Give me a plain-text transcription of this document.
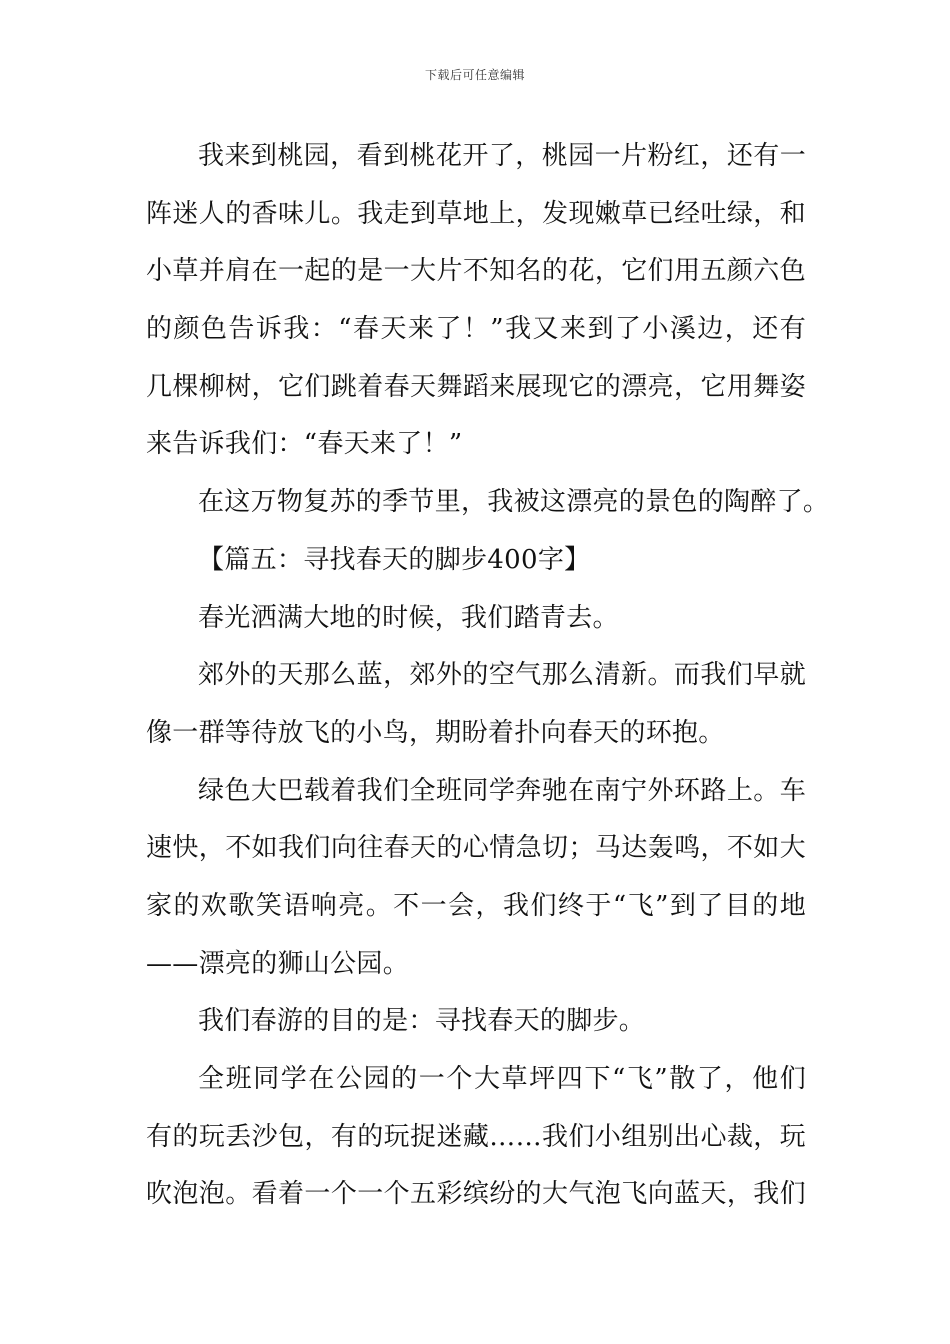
下载后可任意编辑
我来到桃园，看到桃花开了，桃园一片粉红，还有一
阵迷人的香味儿。我走到草地上，发现嫩草已经吐绿，和
小草并肩在一起的是一大片不知名的花，它们用五颜六色
的颜色告诉我：“春天来了！”我又来到了小溪边，还有
几棵柳树，它们跳着春天舞蹈来展现它的漂亮，它用舞姿
来告诉我们：“春天来了！”
在这万物复苏的季节里，我被这漂亮的景色的陶醉了。
【篇五：寻找春天的脚步400字】
春光洒满大地的时候，我们踏青去。
郊外的天那么蓝，郊外的空气那么清新。而我们早就
像一群等待放飞的小鸟，期盼着扑向春天的环抱。
绿色大巴载着我们全班同学奔驰在南宁外环路上。车
速快，不如我们向往春天的心情急切；马达轰鸣，不如大
家的欢歌笑语响亮。不一会，我们终于“飞”到了目的地
——漂亮的狮山公园。
我们春游的目的是：寻找春天的脚步。
全班同学在公园的一个大草坪四下“飞”散了，他们
有的玩丢沙包，有的玩捉迷藏……我们小组别出心裁，玩
吹泡泡。看着一个一个五彩缤纷的大气泡飞向蓝天，我们
